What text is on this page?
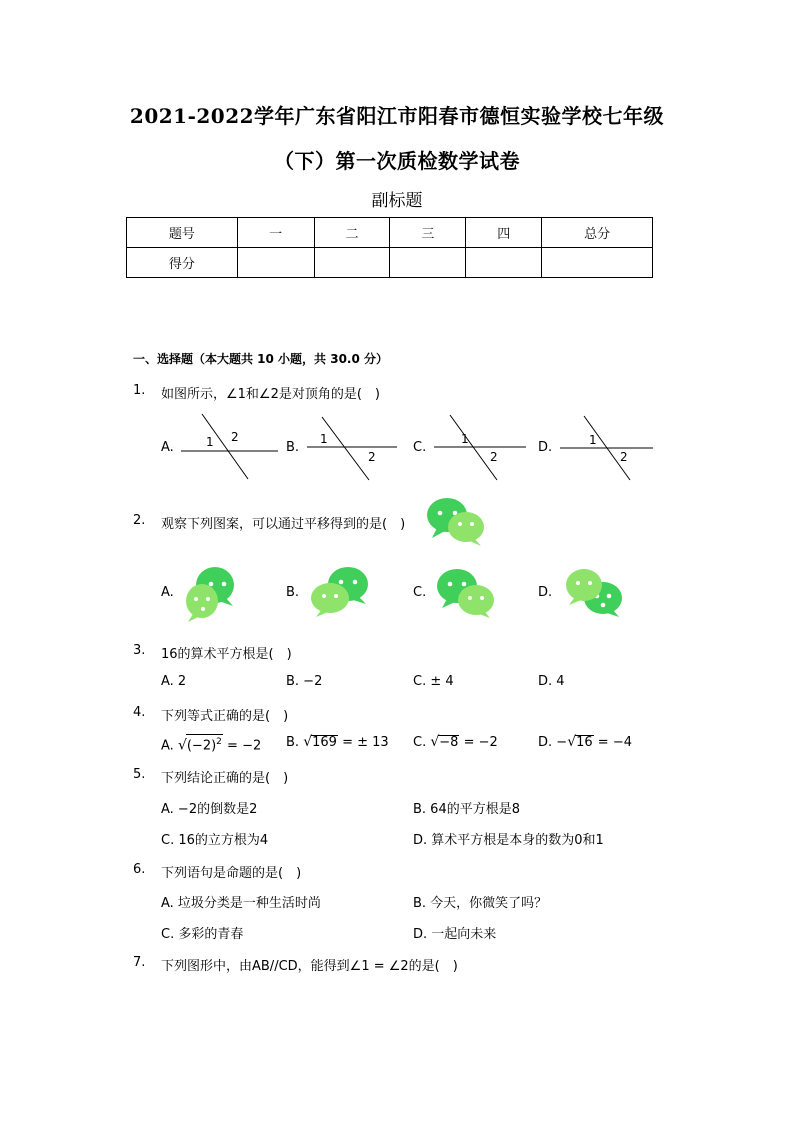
2021-2022学年广东省阳江市阳春市德恒实验学校七年级
（下）第一次质检数学试卷
副标题
题号	一	二	三	四	总分
得分					
一、选择题（本大题共 10 小题，共 30.0 分）
1. 如图所示，∠1和∠2是对顶角的是(　)
A.	1 2
B.
1
2
C.
1
2
D.	1
2
2. 观察下列图案，可以通过平移得到的是(　)
A.	B.	C.	D.
3. 16的算术平方根是(　)
A. 2	B. −2	C. ± 4	D. 4
4. 下列等式正确的是(　)
A. $√(-2)^2 = -2$ B. √169 = ± 13 C. √−8 = −2	D. −√16 = −4
5. 下列结论正确的是(　)
A. −2的倒数是2	B. 64的平方根是8
C. 16的立方根为4	D. 算术平方根是本身的数为0和1
6. 下列语句是命题的是(　)
A. 垃圾分类是一种生活时尚	B. 今天，你微笑了吗？
C. 多彩的青春	D. 一起向未来
7. 下列图形中，由AB//CD，能得到∠1 = ∠2的是(　)
